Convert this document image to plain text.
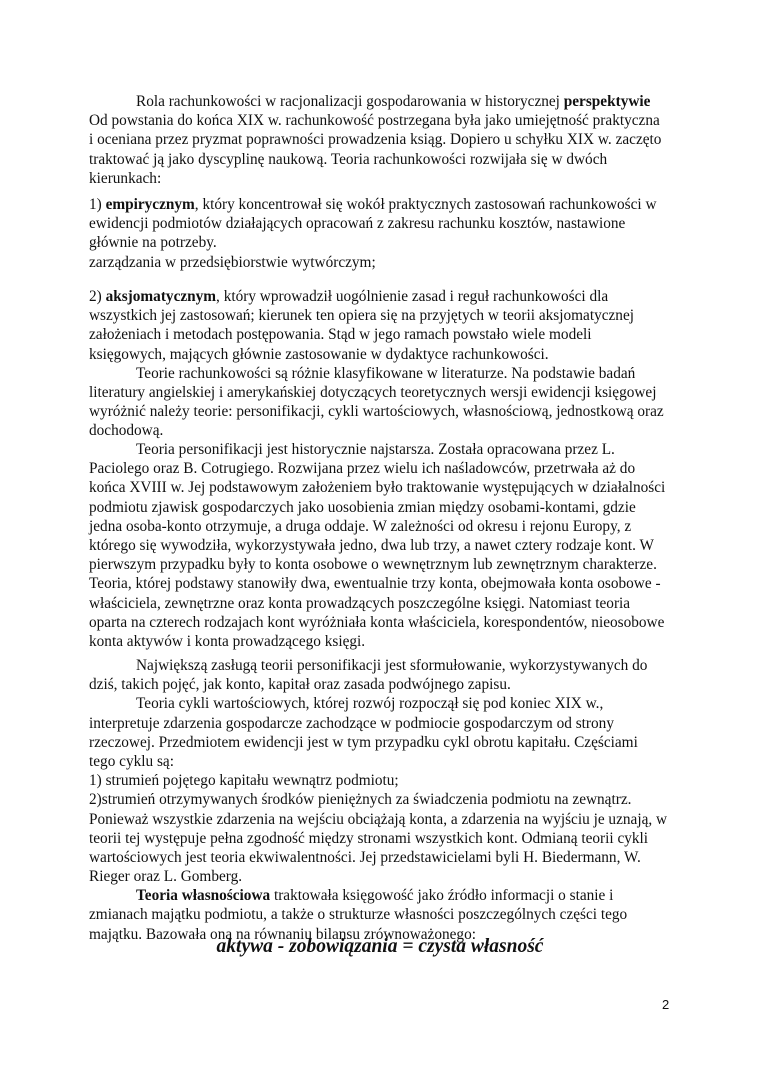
Rola rachunkowości w racjonalizacji gospodarowania w historycznej perspektywie
Od powstania do końca XIX w. rachunkowość postrzegana była jako umiejętność praktyczna
i oceniana przez pryzmat poprawności prowadzenia ksiąg. Dopiero u schyłku XIX w. zaczęto
traktować ją jako dyscyplinę naukową. Teoria rachunkowości rozwijała się w dwóch
kierunkach:
1) empirycznym, który koncentrował się wokół praktycznych zastosowań rachunkowości w
ewidencji podmiotów działających opracowań z zakresu rachunku kosztów, nastawione
głównie na potrzeby.
zarządzania w przedsiębiorstwie wytwórczym;
2) aksjomatycznym, który wprowadził uogólnienie zasad i reguł rachunkowości dla
wszystkich jej zastosowań; kierunek ten opiera się na przyjętych w teorii aksjomatycznej
założeniach i metodach postępowania. Stąd w jego ramach powstało wiele modeli
księgowych, mających głównie zastosowanie w dydaktyce rachunkowości.
Teorie rachunkowości są różnie klasyfikowane w literaturze. Na podstawie badań
literatury angielskiej i amerykańskiej dotyczących teoretycznych wersji ewidencji księgowej
wyróżnić należy teorie: personifikacji, cykli wartościowych, własnościową, jednostkową oraz
dochodową.
Teoria personifikacji jest historycznie najstarsza. Została opracowana przez L.
Paciolego oraz B. Cotrugiego. Rozwijana przez wielu ich naśladowców, przetrwała aż do
końca XVIII w. Jej podstawowym założeniem było traktowanie występujących w działalności
podmiotu zjawisk gospodarczych jako uosobienia zmian między osobami-kontami, gdzie
jedna osoba-konto otrzymuje, a druga oddaje. W zależności od okresu i rejonu Europy, z
którego się wywodziła, wykorzystywała jedno, dwa lub trzy, a nawet cztery rodzaje kont. W
pierwszym przypadku były to konta osobowe o wewnętrznym lub zewnętrznym charakterze.
Teoria, której podstawy stanowiły dwa, ewentualnie trzy konta, obejmowała konta osobowe -
właściciela, zewnętrzne oraz konta prowadzących poszczególne księgi. Natomiast teoria
oparta na czterech rodzajach kont wyróżniała konta właściciela, korespondentów, nieosobowe
konta aktywów i konta prowadzącego księgi.
Największą zasługą teorii personifikacji jest sformułowanie, wykorzystywanych do
dziś, takich pojęć, jak konto, kapitał oraz zasada podwójnego zapisu.
Teoria cykli wartościowych, której rozwój rozpoczął się pod koniec XIX w.,
interpretuje zdarzenia gospodarcze zachodzące w podmiocie gospodarczym od strony
rzeczowej. Przedmiotem ewidencji jest w tym przypadku cykl obrotu kapitału. Częściami
tego cyklu są:
1) strumień pojętego kapitału wewnątrz podmiotu;
2)strumień otrzymywanych środków pieniężnych za świadczenia podmiotu na zewnątrz.
Ponieważ wszystkie zdarzenia na wejściu obciążają konta, a zdarzenia na wyjściu je uznają, w
teorii tej występuje pełna zgodność między stronami wszystkich kont. Odmianą teorii cykli
wartościowych jest teoria ekwiwalentności. Jej przedstawicielami byli H. Biedermann, W.
Rieger oraz L. Gomberg.
Teoria własnościowa traktowała księgowość jako źródło informacji o stanie i
zmianach majątku podmiotu, a także o strukturze własności poszczególnych części tego
majątku. Bazowała ona na równaniu bilansu zrównoważonego:
aktywa - zobowiązania = czysta własność
2
